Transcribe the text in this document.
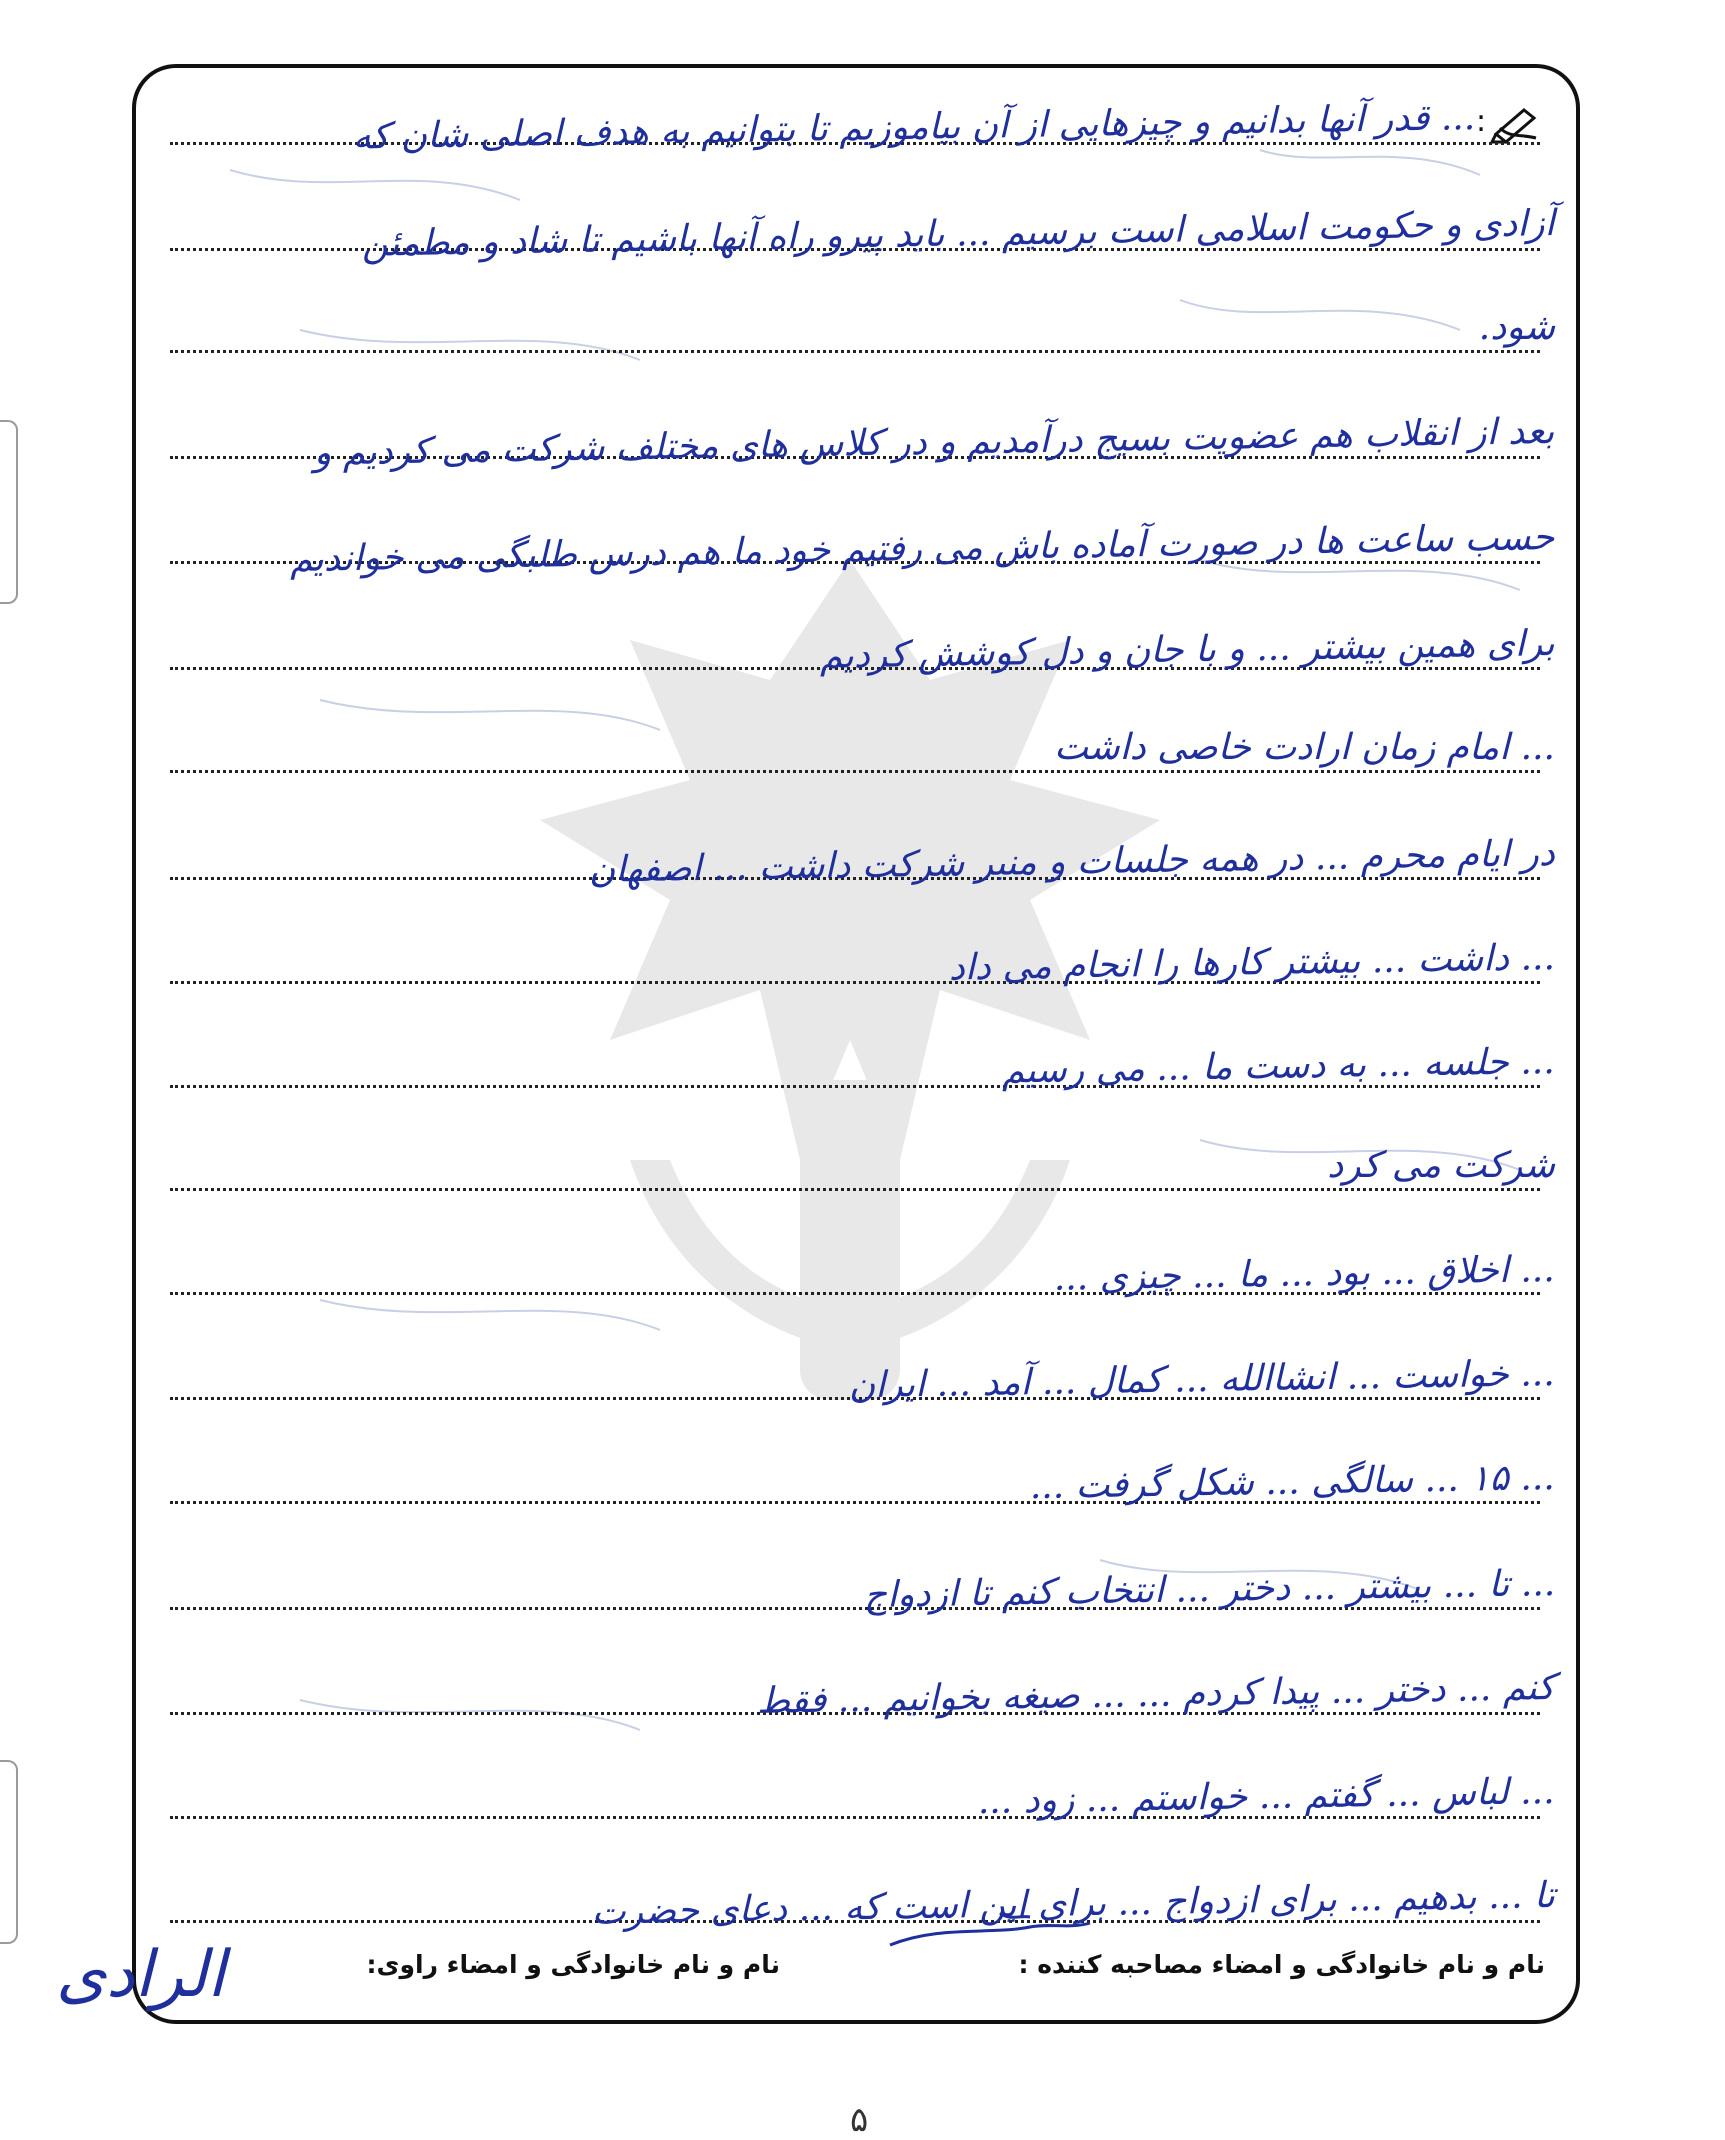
:
... قدر آنها بدانیم و چیزهایی از آن بیاموزیم تا بتوانیم به هدف اصلی شان که
آزادی و حکومت اسلامی است برسیم ... باید پیرو راه آنها باشیم تا شاد و مطمئن
شود.
بعد از انقلاب هم عضویت بسیج درآمدیم و در کلاس های مختلف شرکت می کردیم و
حسب ساعت ها در صورت آماده باش می رفتیم خود ما هم درس طلبگی می خواندیم
برای همین بیشتر ... و با جان و دل کوشش کردیم
... امام زمان ارادت خاصی داشت
در ایام محرم ... در همه جلسات و منبر شرکت داشت ... اصفهان
... داشت ... بیشتر کارها را انجام می داد
... جلسه ... به دست ما ... می رسیم
شرکت می کرد
... اخلاق ... بود ... ما ... چیزی ...
... خواست ... انشاالله ... کمال ... آمد ... ایران
... ۱۵ ... سالگی ... شکل گرفت ...
... تا ... بیشتر ... دختر ... انتخاب کنم تا ازدواج
کنم ... دختر ... پیدا کردم ... ... صیغه بخوانیم ... فقط
... لباس ... گفتم ... خواستم ... زود ...
تا ... بدهیم ... برای ازدواج ... برای این است که ... دعای حضرت
نام و نام خانوادگی و امضاء مصاحبه کننده :
نام و نام خانوادگی و امضاء راوی:
الرادی
۵
